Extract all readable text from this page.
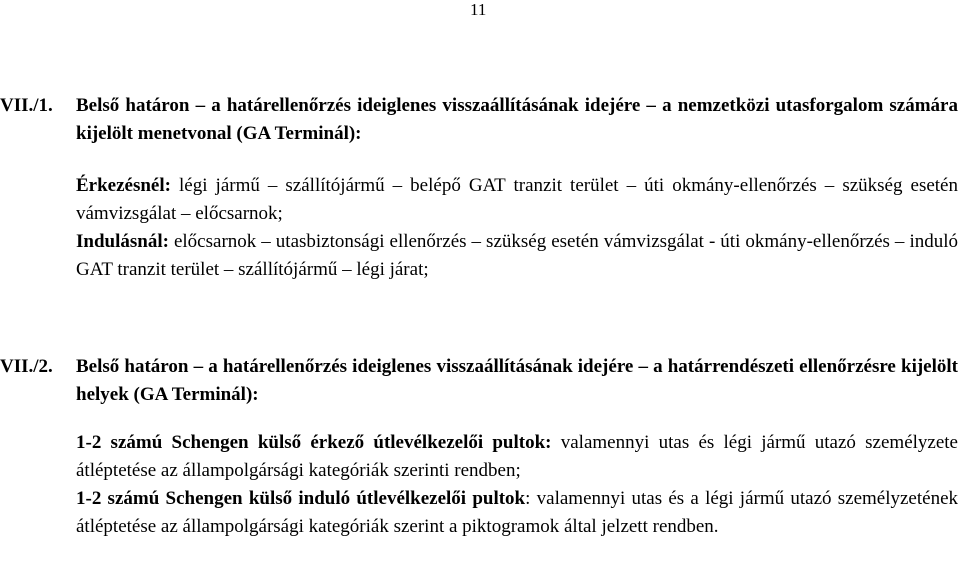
11

VII./1.	Belső határon – a határellenőrzés ideiglenes visszaállításának idejére – a nemzetközi utasforgalom számára kijelölt menetvonal (GA Terminál):

Érkezésnél: légi jármű – szállítójármű – belépő GAT tranzit terület – úti okmány-ellenőrzés – szükség esetén vámvizsgálat – előcsarnok;

Indulásnál: előcsarnok – utasbiztonsági ellenőrzés – szükség esetén vámvizsgálat - úti okmány-ellenőrzés – induló GAT tranzit terület – szállítójármű – légi járat;

VII./2.	Belső határon – a határellenőrzés ideiglenes visszaállításának idejére – a határrendészeti ellenőrzésre kijelölt helyek (GA Terminál):

1-2 számú Schengen külső érkező útlevélkezelői pultok: valamennyi utas és légi jármű utazó személyzete átléptetése az állampolgársági kategóriák szerinti rendben;

1-2 számú Schengen külső induló útlevélkezelői pultok: valamennyi utas és a légi jármű utazó személyzetének átléptetése az állampolgársági kategóriák szerint a piktogramok által jelzett rendben.
